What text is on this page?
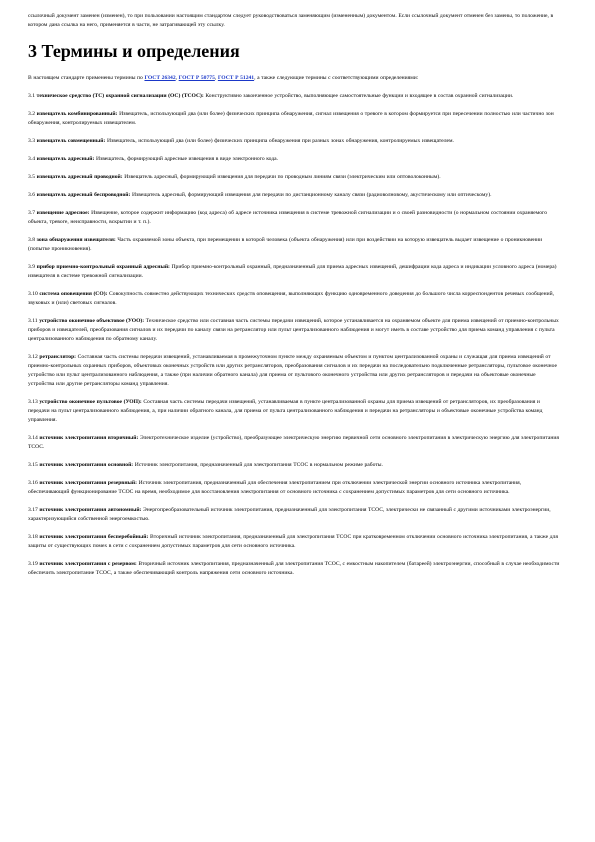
ссылочный документ заменен (изменен), то при пользовании настоящим стандартом следует руководствоваться заменяющим (измененным) документом. Если ссылочный документ отменен без замены, то положение, в котором дана ссылка на него, применяется в части, не затрагивающей эту ссылку.

3 Термины и определения

В настоящем стандарте применены термины по ГОСТ 26342, ГОСТ Р 50775, ГОСТ Р 51241, а также следующие термины с соответствующими определениями:

3.1 техническое средство (ТС) охранной сигнализации (ОС) (ТСОС): Конструктивно законченное устройство, выполняющее самостоятельные функции и входящее в состав охранной сигнализации.

3.2 извещатель комбинированный: Извещатель, использующий два (или более) физических принципа обнаружения, сигнал извещения о тревоге в котором формируется при пересечении полностью или частично зон обнаружения, контролируемых извещателем.

3.3 извещатель совмещенный: Извещатель, использующий два (или более) физических принципа обнаружения при разных зонах обнаружения, контролируемых извещателем.

3.4 извещатель адресный: Извещатель, формирующий адресные извещения в виде электронного кода.

3.5 извещатель адресный проводной: Извещатель адресный, формирующий извещения для передачи по проводным линиям связи (электрическим или оптоволоконным).

3.6 извещатель адресный беспроводной: Извещатель адресный, формирующий извещения для передачи по дистанционному каналу связи (радиоволновому, акустическому или оптическому).

3.7 извещение адресное: Извещение, которое содержит информацию (код адреса) об адресе источника извещения в системе тревожной сигнализации и о своей разновидности (о нормальном состоянии охраняемого объекта, тревоге, неисправности, вскрытии и т. п.).

3.8 зона обнаружения извещателя: Часть охраняемой зоны объекта, при перемещении в которой человека (объекта обнаружения) или при воздействии на которую извещатель выдает извещение о проникновении (попытке проникновения).

3.9 прибор приемно-контрольный охранный адресный: Прибор приемно-контрольный охранный, предназначенный для приема адресных извещений, дешифрации кода адреса и индикации условного адреса (номера) извещателя в системе тревожной сигнализации.

3.10 система оповещения (СО): Совокупность совместно действующих технических средств оповещения, выполняющих функцию одновременного доведения до большого числа корреспондентов речевых сообщений, звуковых и (или) световых сигналов.

3.11 устройство оконечное объектовое (УОО): Техническое средство или составная часть системы передачи извещений, которое устанавливается на охраняемом объекте для приема извещений от приемно-контрольных приборов и извещателей, преобразования сигналов и их передачи по каналу связи на ретранслятор или пульт централизованного наблюдения и могут иметь в составе устройство для приема команд управления с пульта централизованного наблюдения по обратному каналу.

3.12 ретранслятор: Составная часть системы передачи извещений, устанавливаемая в промежуточном пункте между охраняемым объектом и пунктом централизованной охраны и служащая для приема извещений от приемно-контрольных охранных приборов, объектовых оконечных устройств или других ретрансляторов, преобразования сигналов и их передачи на последовательно подключенные ретрансляторы, пультовое оконечное устройство или пульт централизованного наблюдения, а также (при наличии обратного канала) для приема от пультового оконечного устройства или других ретрансляторов и передачи на объектовые оконечные устройства или другие ретрансляторы команд управления.

3.13 устройство оконечное пультовое (УОП): Составная часть системы передачи извещений, устанавливаемая в пункте централизованной охраны для приема извещений от ретрансляторов, их преобразования и передачи на пульт централизованного наблюдения, а, при наличии обратного канала, для приема от пульта централизованного наблюдения и передачи на ретрансляторы и объектовые оконечные устройства команд управления.

3.14 источник электропитания вторичный: Электротехническое изделие (устройство), преобразующее электрическую энергию первичной сети основного электропитания в электрическую энергию для электропитания ТСОС.

3.15 источник электропитания основной: Источник электропитания, предназначенный для электропитания ТСОС в нормальном режиме работы.

3.16 источник электропитания резервный: Источник электропитания, предназначенный для обеспечения электропитанием при отключении электрической энергии основного источника электропитания, обеспечивающий функционирование ТСОС на время, необходимое для восстановления электропитания от основного источника с сохранением допустимых параметров для сети основного источника.

3.17 источник электропитания автономный: Энергопреобразовательный источник электропитания, предназначенный для электропитания ТСОС, электрически не связанный с другими источниками электроэнергии, характеризующийся собственной энергоемкостью.

3.18 источник электропитания бесперебойный: Вторичный источник электропитания, предназначенный для электропитания ТСОС при кратковременном отключении основного источника электропитания, а также для защиты от существующих помех в сети с сохранением допустимых параметров для сети основного источника.

3.19 источник электропитания с резервом: Вторичный источник электропитания, предназначенный для электропитания ТСОС, с емкостным накопителем (батареей) электроэнергии, способный в случае необходимости обеспечить электропитание ТСОС, а также обеспечивающий контроль напряжения сети основного источника.
